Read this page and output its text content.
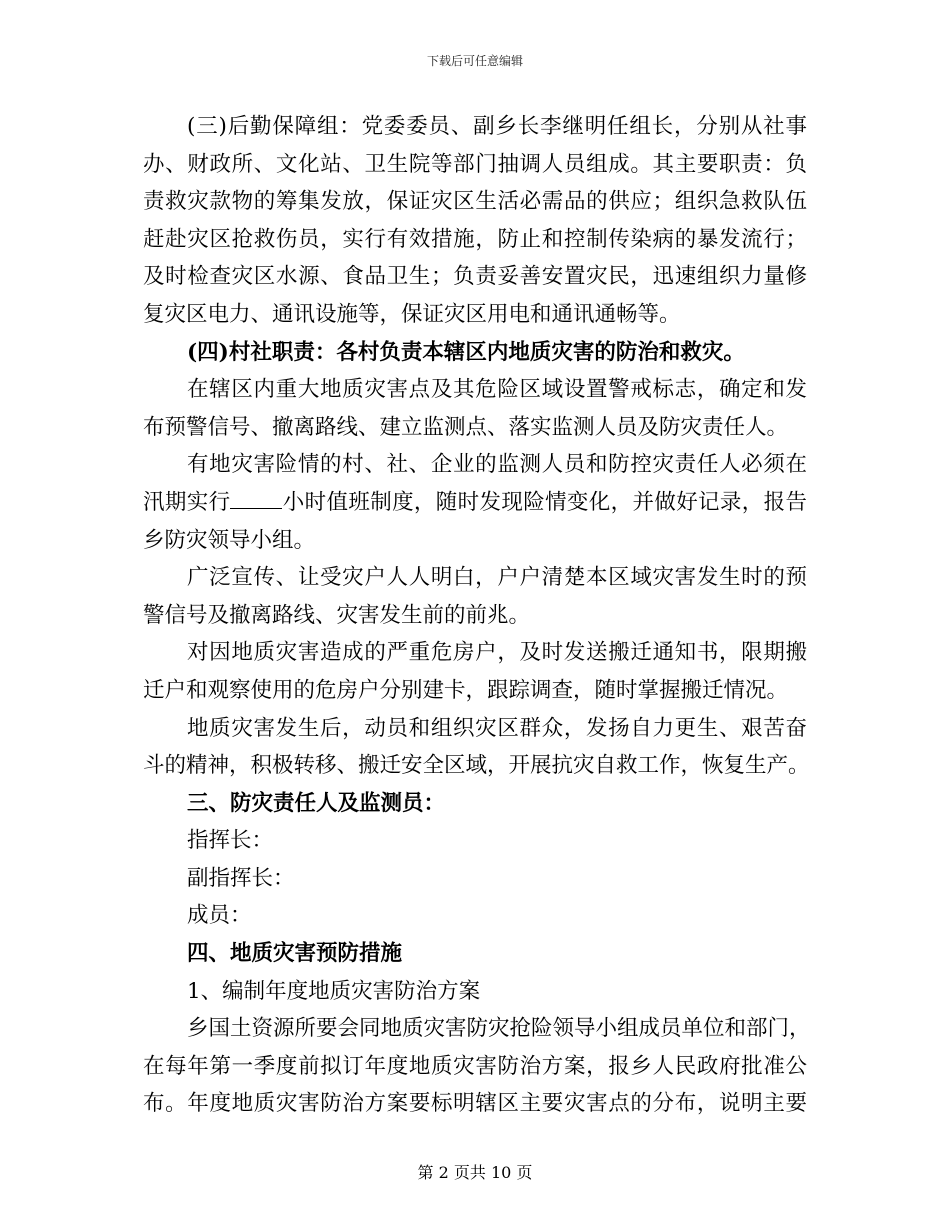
下载后可任意编辑
(三)后勤保障组：党委委员、副乡长李继明任组长，分别从社事
办、财政所、文化站、卫生院等部门抽调人员组成。其主要职责：负
责救灾款物的筹集发放，保证灾区生活必需品的供应；组织急救队伍
赶赴灾区抢救伤员，实行有效措施，防止和控制传染病的暴发流行；
及时检查灾区水源、食品卫生；负责妥善安置灾民，迅速组织力量修
复灾区电力、通讯设施等，保证灾区用电和通讯通畅等。
(四)村社职责：各村负责本辖区内地质灾害的防治和救灾。
在辖区内重大地质灾害点及其危险区域设置警戒标志，确定和发
布预警信号、撤离路线、建立监测点、落实监测人员及防灾责任人。
有地灾害险情的村、社、企业的监测人员和防控灾责任人必须在
汛期实行 小时值班制度，随时发现险情变化，并做好记录，报告
乡防灾领导小组。
广泛宣传、让受灾户人人明白，户户清楚本区域灾害发生时的预
警信号及撤离路线、灾害发生前的前兆。
对因地质灾害造成的严重危房户，及时发送搬迁通知书，限期搬
迁户和观察使用的危房户分别建卡，跟踪调查，随时掌握搬迁情况。
地质灾害发生后，动员和组织灾区群众，发扬自力更生、艰苦奋
斗的精神，积极转移、搬迁安全区域，开展抗灾自救工作，恢复生产。
三、防灾责任人及监测员：
指挥长：
副指挥长：
成员：
四、地质灾害预防措施
1、编制年度地质灾害防治方案
乡国土资源所要会同地质灾害防灾抢险领导小组成员单位和部门，
在每年第一季度前拟订年度地质灾害防治方案，报乡人民政府批准公
布。年度地质灾害防治方案要标明辖区主要灾害点的分布，说明主要
第 2 页共 10 页
